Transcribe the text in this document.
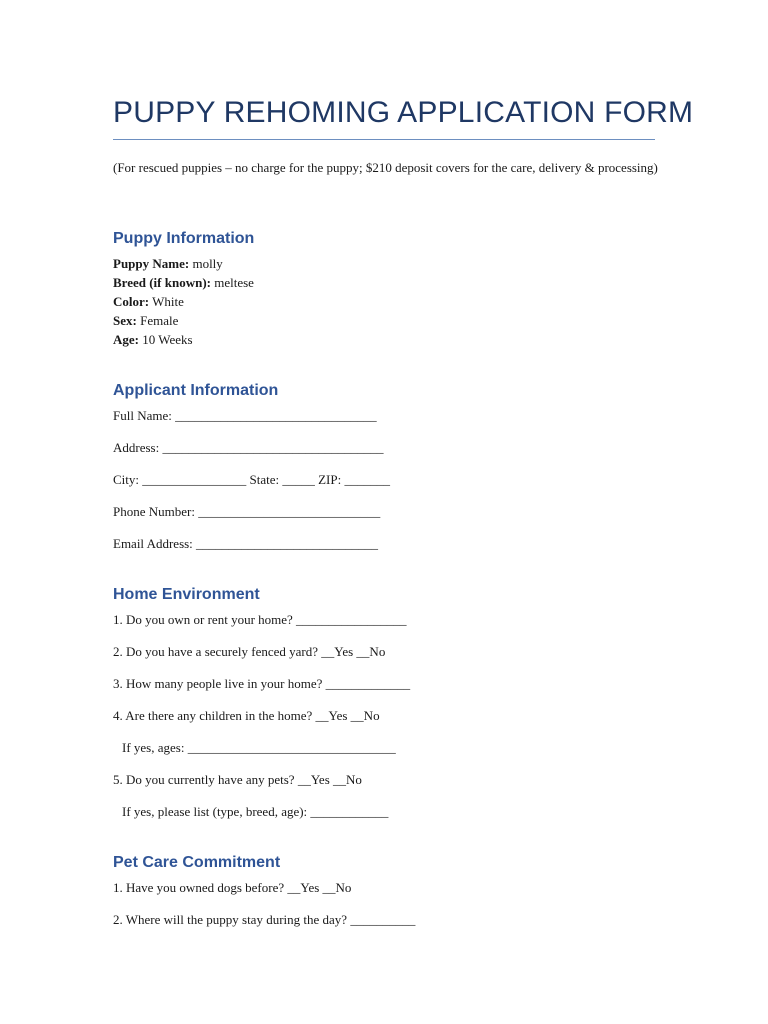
PUPPY REHOMING APPLICATION FORM
(For rescued puppies – no charge for the puppy; $210 deposit covers for the care, delivery & processing)
Puppy Information
Puppy Name: molly
Breed (if known): meltese
Color: White
Sex: Female
Age: 10 Weeks
Applicant Information
Full Name: _______________________________
Address: __________________________________
City: ________________ State: _____ ZIP: _______
Phone Number: ____________________________
Email Address: ____________________________
Home Environment
1. Do you own or rent your home? _________________
2. Do you have a securely fenced yard? __Yes __No
3. How many people live in your home? _____________
4. Are there any children in the home? __Yes __No
If yes, ages: ________________________________
5. Do you currently have any pets? __Yes __No
If yes, please list (type, breed, age): ____________
Pet Care Commitment
1. Have you owned dogs before? __Yes __No
2. Where will the puppy stay during the day? __________
